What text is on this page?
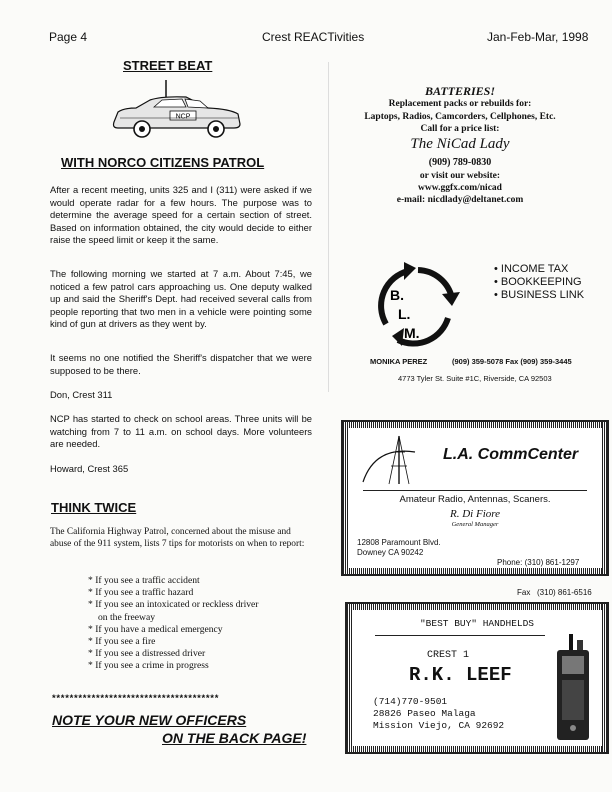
Page 4	Crest REACTivities	Jan-Feb-Mar, 1998
STREET BEAT
NCP
WITH NORCO CITIZENS PATROL

After a recent meeting, units 325 and I (311) were asked if we would operate radar for a few hours. The purpose was to determine the average speed for a certain section of street. Based on information obtained, the city would decide to either raise the speed limit or keep it the same.

The following morning we started at 7 a.m. About 7:45, we noticed a few patrol cars approaching us. One deputy walked up and said the Sheriff's Dept. had received several calls from people reporting that two men in a vehicle were pointing some kind of gun at drivers as they went by.

It seems no one notified the Sheriff's dispatcher that we were supposed to be there.

Don, Crest 311

NCP has started to check on school areas. Three units will be watching from 7 to 11 a.m. on school days. More volunteers are needed.

Howard, Crest 365

THINK TWICE

The California Highway Patrol, concerned about the misuse and abuse of the 911 system, lists 7 tips for motorists on when to report:

* If you see a traffic accident
* If you see a traffic hazard
* If you see an intoxicated or reckless driver
on the freeway
* If you have a medical emergency
* If you see a fire
* If you see a distressed driver
* If you see a crime in progress
**************************************
NOTE YOUR NEW OFFICERS
ON THE BACK PAGE!
BATTERIES!
Replacement packs or rebuilds for:
Laptops, Radios, Camcorders, Cellphones, Etc.
Call for a price list:
The NiCad Lady
(909) 789-0830
or visit our website:
www.ggfx.com/nicad
e-mail: nicdlady@deltanet.com
B.
L.
M.
• INCOME TAX
• BOOKKEEPING
• BUSINESS LINK
MONIKA PEREZ	(909) 359-5078 Fax (909) 359-3445
4773 Tyler St. Suite #1C, Riverside, CA 92503
L.A. CommCenter
Amateur Radio, Antennas, Scaners.
R. Di Fiore
General Manager
12808 Paramount Blvd.
Downey CA 90242

Phone: (310) 861-1297

Fax   (310) 861-6516

"BEST BUY" HANDHELDS
CREST 1
R.K. LEEF
(714)770-9501
28826 Paseo Malaga
Mission Viejo, CA 92692
